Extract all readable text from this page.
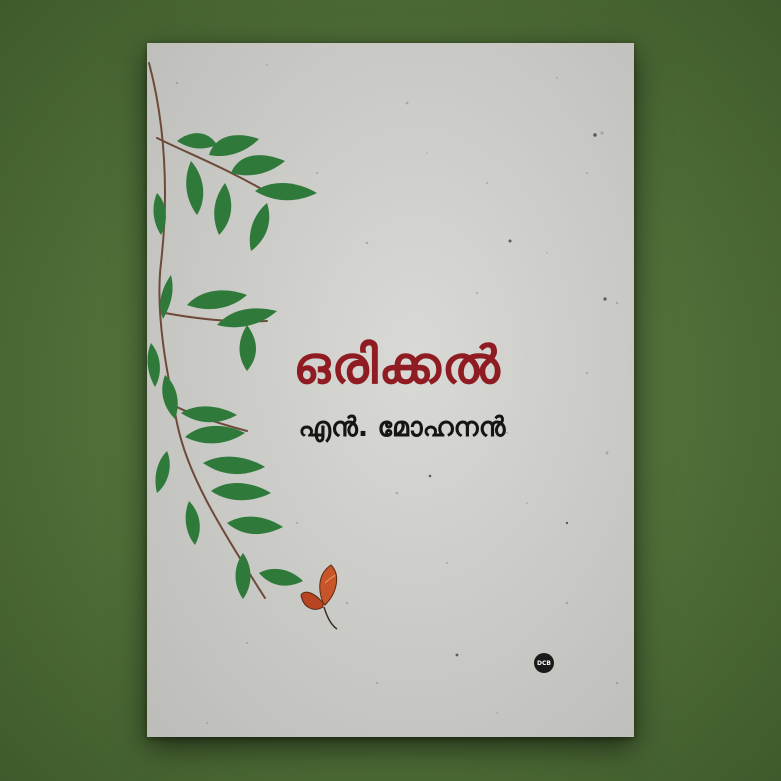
ഒരിക്കൽ
എൻ. മോഹനൻ
DCB
